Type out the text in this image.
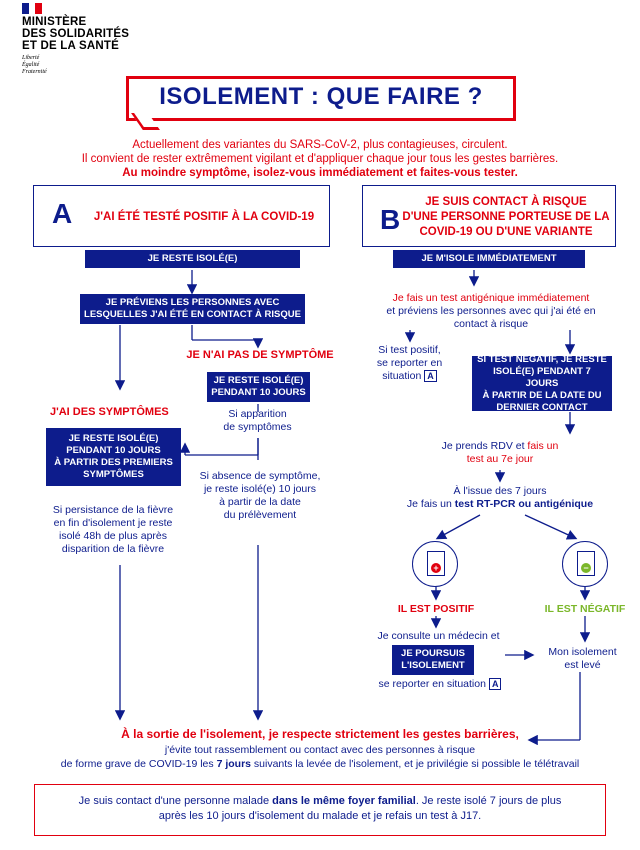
MINISTÈRE
DES SOLIDARITÉS
ET DE LA SANTÉ
Liberté
Égalité
Fraternité
ISOLEMENT : QUE FAIRE ?
Actuellement des variantes du SARS-CoV-2, plus contagieuses, circulent.
Il convient de rester extrêmement vigilant et d'appliquer chaque jour tous les gestes barrières.
Au moindre symptôme, isolez-vous immédiatement et faites-vous tester.
A	J'AI ÉTÉ TESTÉ POSITIF À LA COVID-19
JE RESTE ISOLÉ(E)
JE PRÉVIENS LES PERSONNES AVEC
LESQUELLES J'AI ÉTÉ EN CONTACT À RISQUE
JE N'AI PAS DE SYMPTÔME
JE RESTE ISOLÉ(E)
PENDANT 10 JOURS
Si apparition
de symptômes
J'AI DES SYMPTÔMES
JE RESTE ISOLÉ(E)
PENDANT 10 JOURS
À PARTIR DES PREMIERS
SYMPTÔMES
Si persistance de la fièvre
en fin d'isolement je reste
isolé 48h de plus après
disparition de la fièvre
Si absence de symptôme,
je reste isolé(e) 10 jours
à partir de la date
du prélèvement
B
JE SUIS CONTACT À RISQUE
D'UNE PERSONNE PORTEUSE DE LA
COVID-19 OU D'UNE VARIANTE
JE M'ISOLE IMMÉDIATEMENT
Je fais un test antigénique immédiatement
et préviens les personnes avec qui j'ai été en
contact à risque
Si test positif,
se reporter en
situation A
SI TEST NÉGATIF, JE RESTE
ISOLÉ(E) PENDANT 7 JOURS
À PARTIR DE LA DATE DU
DERNIER CONTACT
Je prends RDV et fais un
test au 7e jour
À l'issue des 7 jours
Je fais un test RT-PCR ou antigénique
+	−
IL EST POSITIF	IL EST NÉGATIF
Je consulte un médecin et
JE POURSUIS
L'ISOLEMENT
se reporter en situation A
Mon isolement
est levé
À la sortie de l'isolement, je respecte strictement les gestes barrières,
j'évite tout rassemblement ou contact avec des personnes à risque
de forme grave de COVID-19 les 7 jours suivants la levée de l'isolement, et je privilégie si possible le télétravail
Je suis contact d'une personne malade dans le même foyer familial. Je reste isolé 7 jours de plus
après les 10 jours d'isolement du malade et je refais un test à J17.
